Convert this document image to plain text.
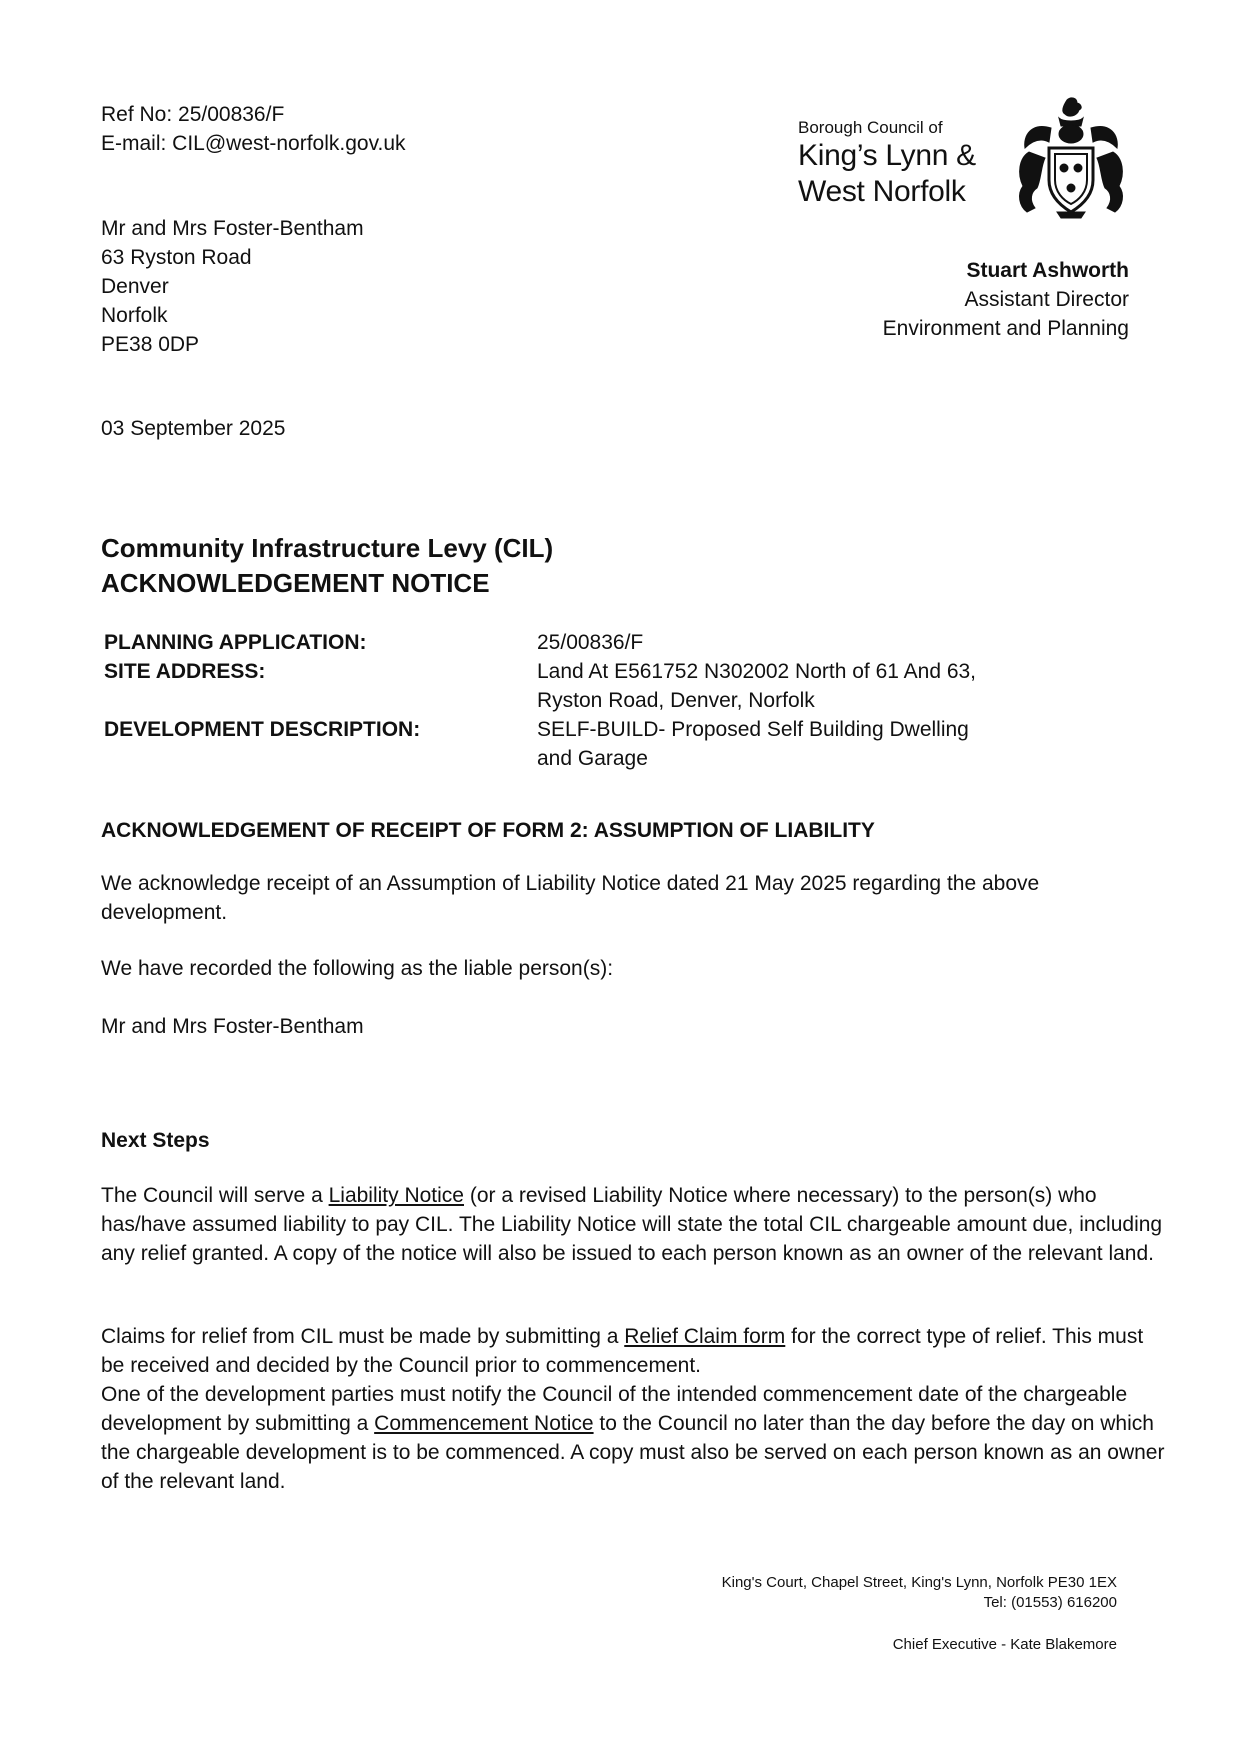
Ref No: 25/00836/F

E-mail: CIL@west-norfolk.gov.uk

Mr and Mrs Foster-Bentham

63 Ryston Road

Denver

Norfolk

PE38 0DP

Borough Council of
King’s Lynn &
West Norfolk

Stuart Ashworth

Assistant Director

Environment and Planning

03 September 2025
Community Infrastructure Levy (CIL)
ACKNOWLEDGEMENT NOTICE
PLANNING APPLICATION:	25/00836/F
SITE ADDRESS:	Land At E561752 N302002 North of 61 And 63,
Ryston Road, Denver, Norfolk
DEVELOPMENT DESCRIPTION:	SELF-BUILD- Proposed Self Building Dwelling
and Garage
ACKNOWLEDGEMENT OF RECEIPT OF FORM 2: ASSUMPTION OF LIABILITY
We acknowledge receipt of an Assumption of Liability Notice dated 21 May 2025 regarding the above development.
We have recorded the following as the liable person(s):
Mr and Mrs Foster-Bentham
Next Steps
The Council will serve a Liability Notice (or a revised Liability Notice where necessary) to the person(s) who has/have assumed liability to pay CIL. The Liability Notice will state the total CIL chargeable amount due, including any relief granted. A copy of the notice will also be issued to each person known as an owner of the relevant land.
Claims for relief from CIL must be made by submitting a Relief Claim form for the correct type of relief. This must be received and decided by the Council prior to commencement.
One of the development parties must notify the Council of the intended commencement date of the chargeable development by submitting a Commencement Notice to the Council no later than the day before the day on which the chargeable development is to be commenced. A copy must also be served on each person known as an owner of the relevant land.
King's Court, Chapel Street, King's Lynn, Norfolk PE30 1EX
Tel: (01553) 616200
Chief Executive - Kate Blakemore
